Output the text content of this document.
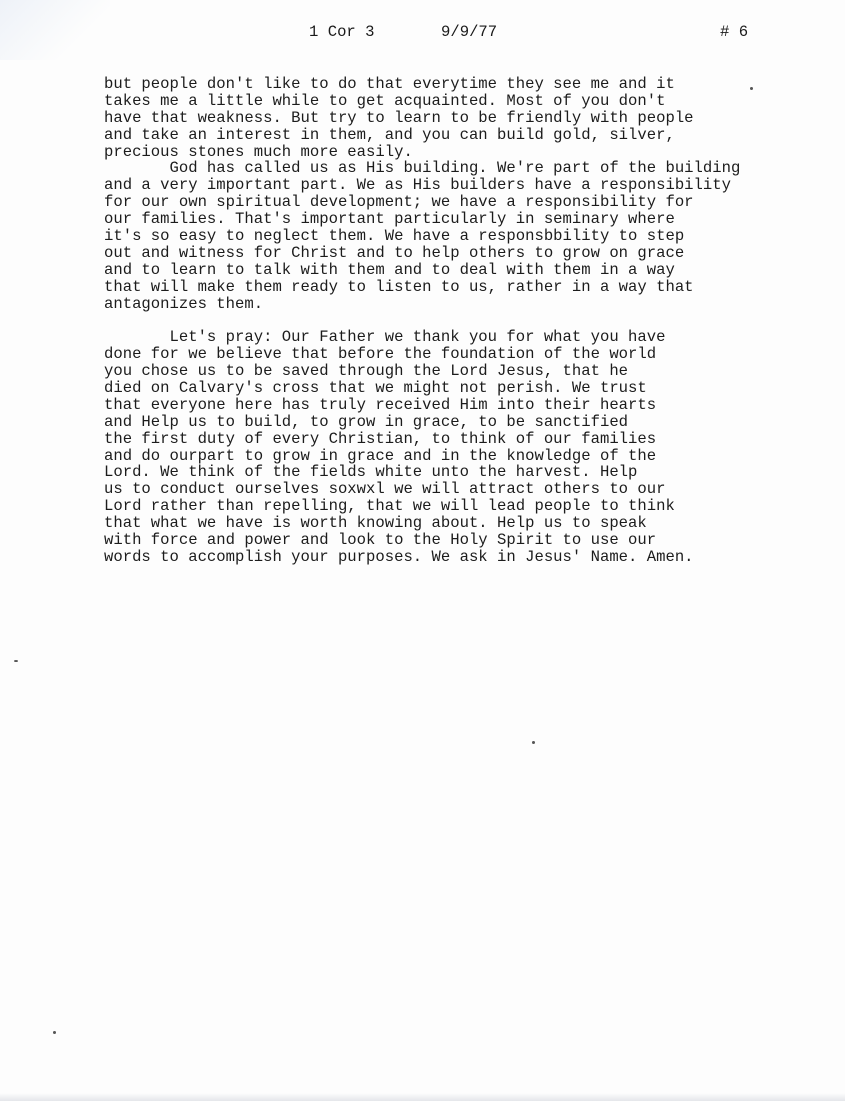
1 Cor 3	9/9/77	# 6
but people don't like to do that everytime they see me and it
takes me a little while to get acquainted. Most of you don't
have that weakness. But try to learn to be friendly with people
and take an interest in them, and you can build gold, silver,
precious stones much more easily.
God has called us as His building. We're part of the building
and a very important part. We as His builders have a responsibility
for our own spiritual development; we have a responsibility for
our families. That's important particularly in seminary where
it's so easy to neglect them. We have a responsbbility to step
out and witness for Christ and to help others to grow on grace
and to learn to talk with them and to deal with them in a way
that will make them ready to listen to us, rather in a way that
antagonizes them.
Let's pray: Our Father we thank you for what you have
done for we believe that before the foundation of the world
you chose us to be saved through the Lord Jesus, that he
died on Calvary's cross that we might not perish. We trust
that everyone here has truly received Him into their hearts
and Help us to build, to grow in grace, to be sanctified
the first duty of every Christian, to think of our families
and do ourpart to grow in grace and in the knowledge of the
Lord. We think of the fields white unto the harvest. Help
us to conduct ourselves soxwxl we will attract others to our
Lord rather than repelling, that we will lead people to think
that what we have is worth knowing about. Help us to speak
with force and power and look to the Holy Spirit to use our
words to accomplish your purposes. We ask in Jesus' Name. Amen.
